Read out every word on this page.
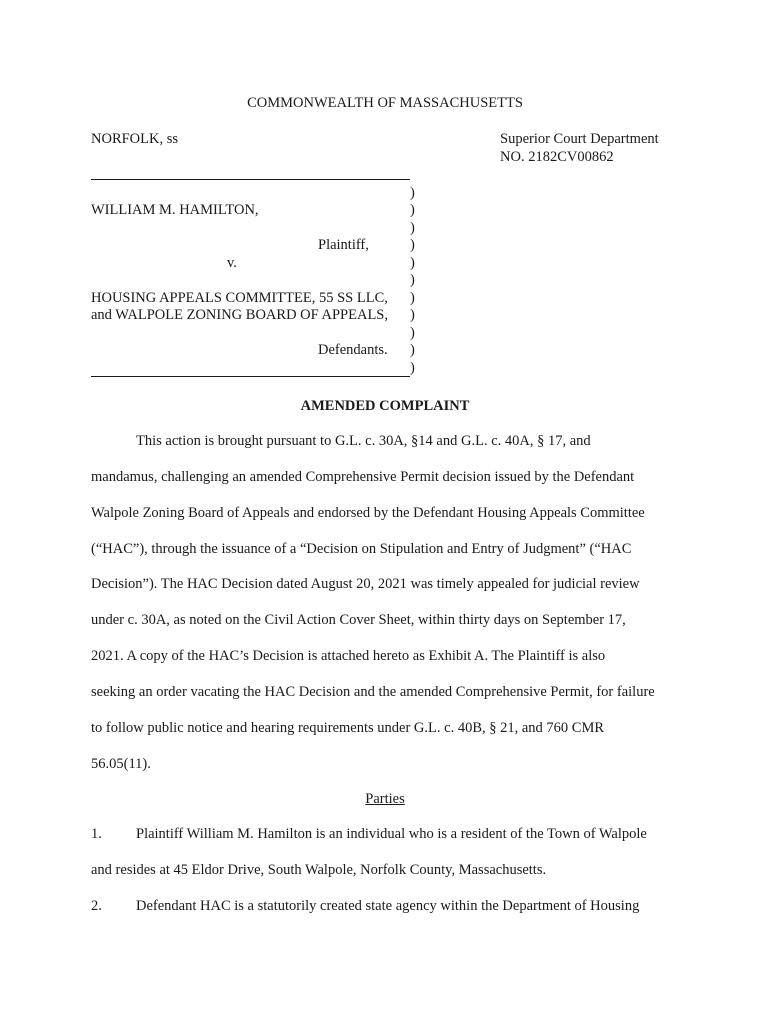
COMMONWEALTH OF MASSACHUSETTS
NORFOLK, ss	Superior Court Department
NO. 2182CV00862
)
)
)
)
)
)
)
)
)
)
)
WILLIAM M. HAMILTON,
Plaintiff,
v.
HOUSING APPEALS COMMITTEE, 55 SS LLC,
and WALPOLE ZONING BOARD OF APPEALS,
Defendants.
AMENDED COMPLAINT
This action is brought pursuant to G.L. c. 30A, §14 and G.L. c. 40A, § 17, and
mandamus, challenging an amended Comprehensive Permit decision issued by the Defendant
Walpole Zoning Board of Appeals and endorsed by the Defendant Housing Appeals Committee
(“HAC”), through the issuance of a “Decision on Stipulation and Entry of Judgment” (“HAC
Decision”). The HAC Decision dated August 20, 2021 was timely appealed for judicial review
under c. 30A, as noted on the Civil Action Cover Sheet, within thirty days on September 17,
2021. A copy of the HAC’s Decision is attached hereto as Exhibit A. The Plaintiff is also
seeking an order vacating the HAC Decision and the amended Comprehensive Permit, for failure
to follow public notice and hearing requirements under G.L. c. 40B, § 21, and 760 CMR
56.05(11).
Parties
1. Plaintiff William M. Hamilton is an individual who is a resident of the Town of Walpole
and resides at 45 Eldor Drive, South Walpole, Norfolk County, Massachusetts.
2. Defendant HAC is a statutorily created state agency within the Department of Housing
